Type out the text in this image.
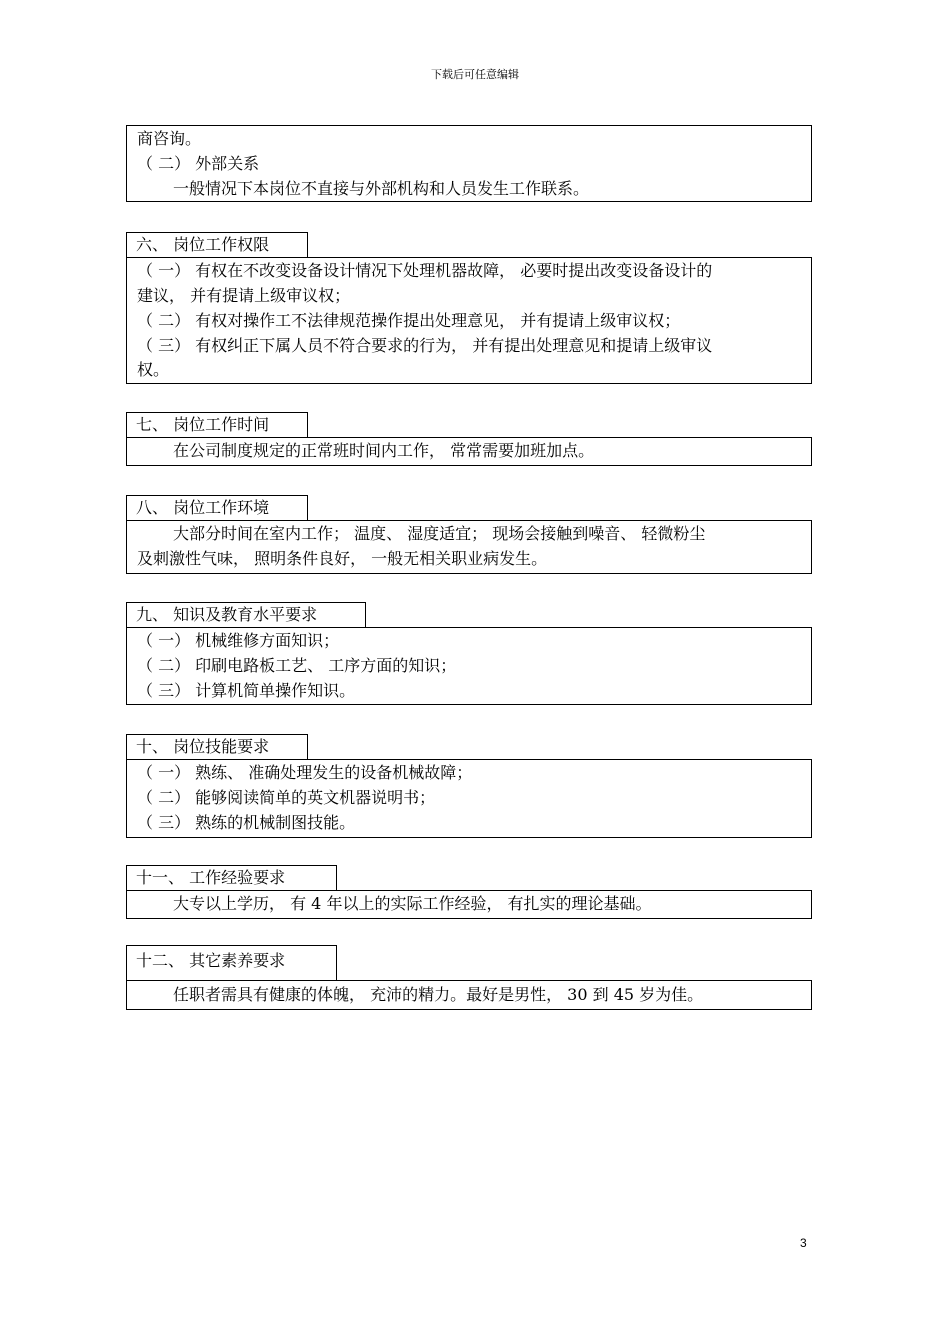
下载后可任意编辑
商咨询。
（ 二） 外部关系
一般情况下本岗位不直接与外部机构和人员发生工作联系。
六、 岗位工作权限
（ 一） 有权在不改变设备设计情况下处理机器故障， 必要时提出改变设备设计的
建议， 并有提请上级审议权；
（ 二） 有权对操作工不法律规范操作提出处理意见， 并有提请上级审议权；
（ 三） 有权纠正下属人员不符合要求的行为， 并有提出处理意见和提请上级审议
权。
七、 岗位工作时间
在公司制度规定的正常班时间内工作， 常常需要加班加点。
八、 岗位工作环境
大部分时间在室内工作； 温度、 湿度适宜； 现场会接触到噪音、 轻微粉尘
及刺激性气味， 照明条件良好， 一般无相关职业病发生。
九、 知识及教育水平要求
（ 一） 机械维修方面知识；
（ 二） 印刷电路板工艺、 工序方面的知识；
（ 三） 计算机简单操作知识。
十、 岗位技能要求
（ 一） 熟练、 准确处理发生的设备机械故障；
（ 二） 能够阅读简单的英文机器说明书；
（ 三） 熟练的机械制图技能。
十一、 工作经验要求
大专以上学历， 有 4 年以上的实际工作经验， 有扎实的理论基础。
十二、 其它素养要求
任职者需具有健康的体魄， 充沛的精力。最好是男性， 30 到 45 岁为佳。
3
